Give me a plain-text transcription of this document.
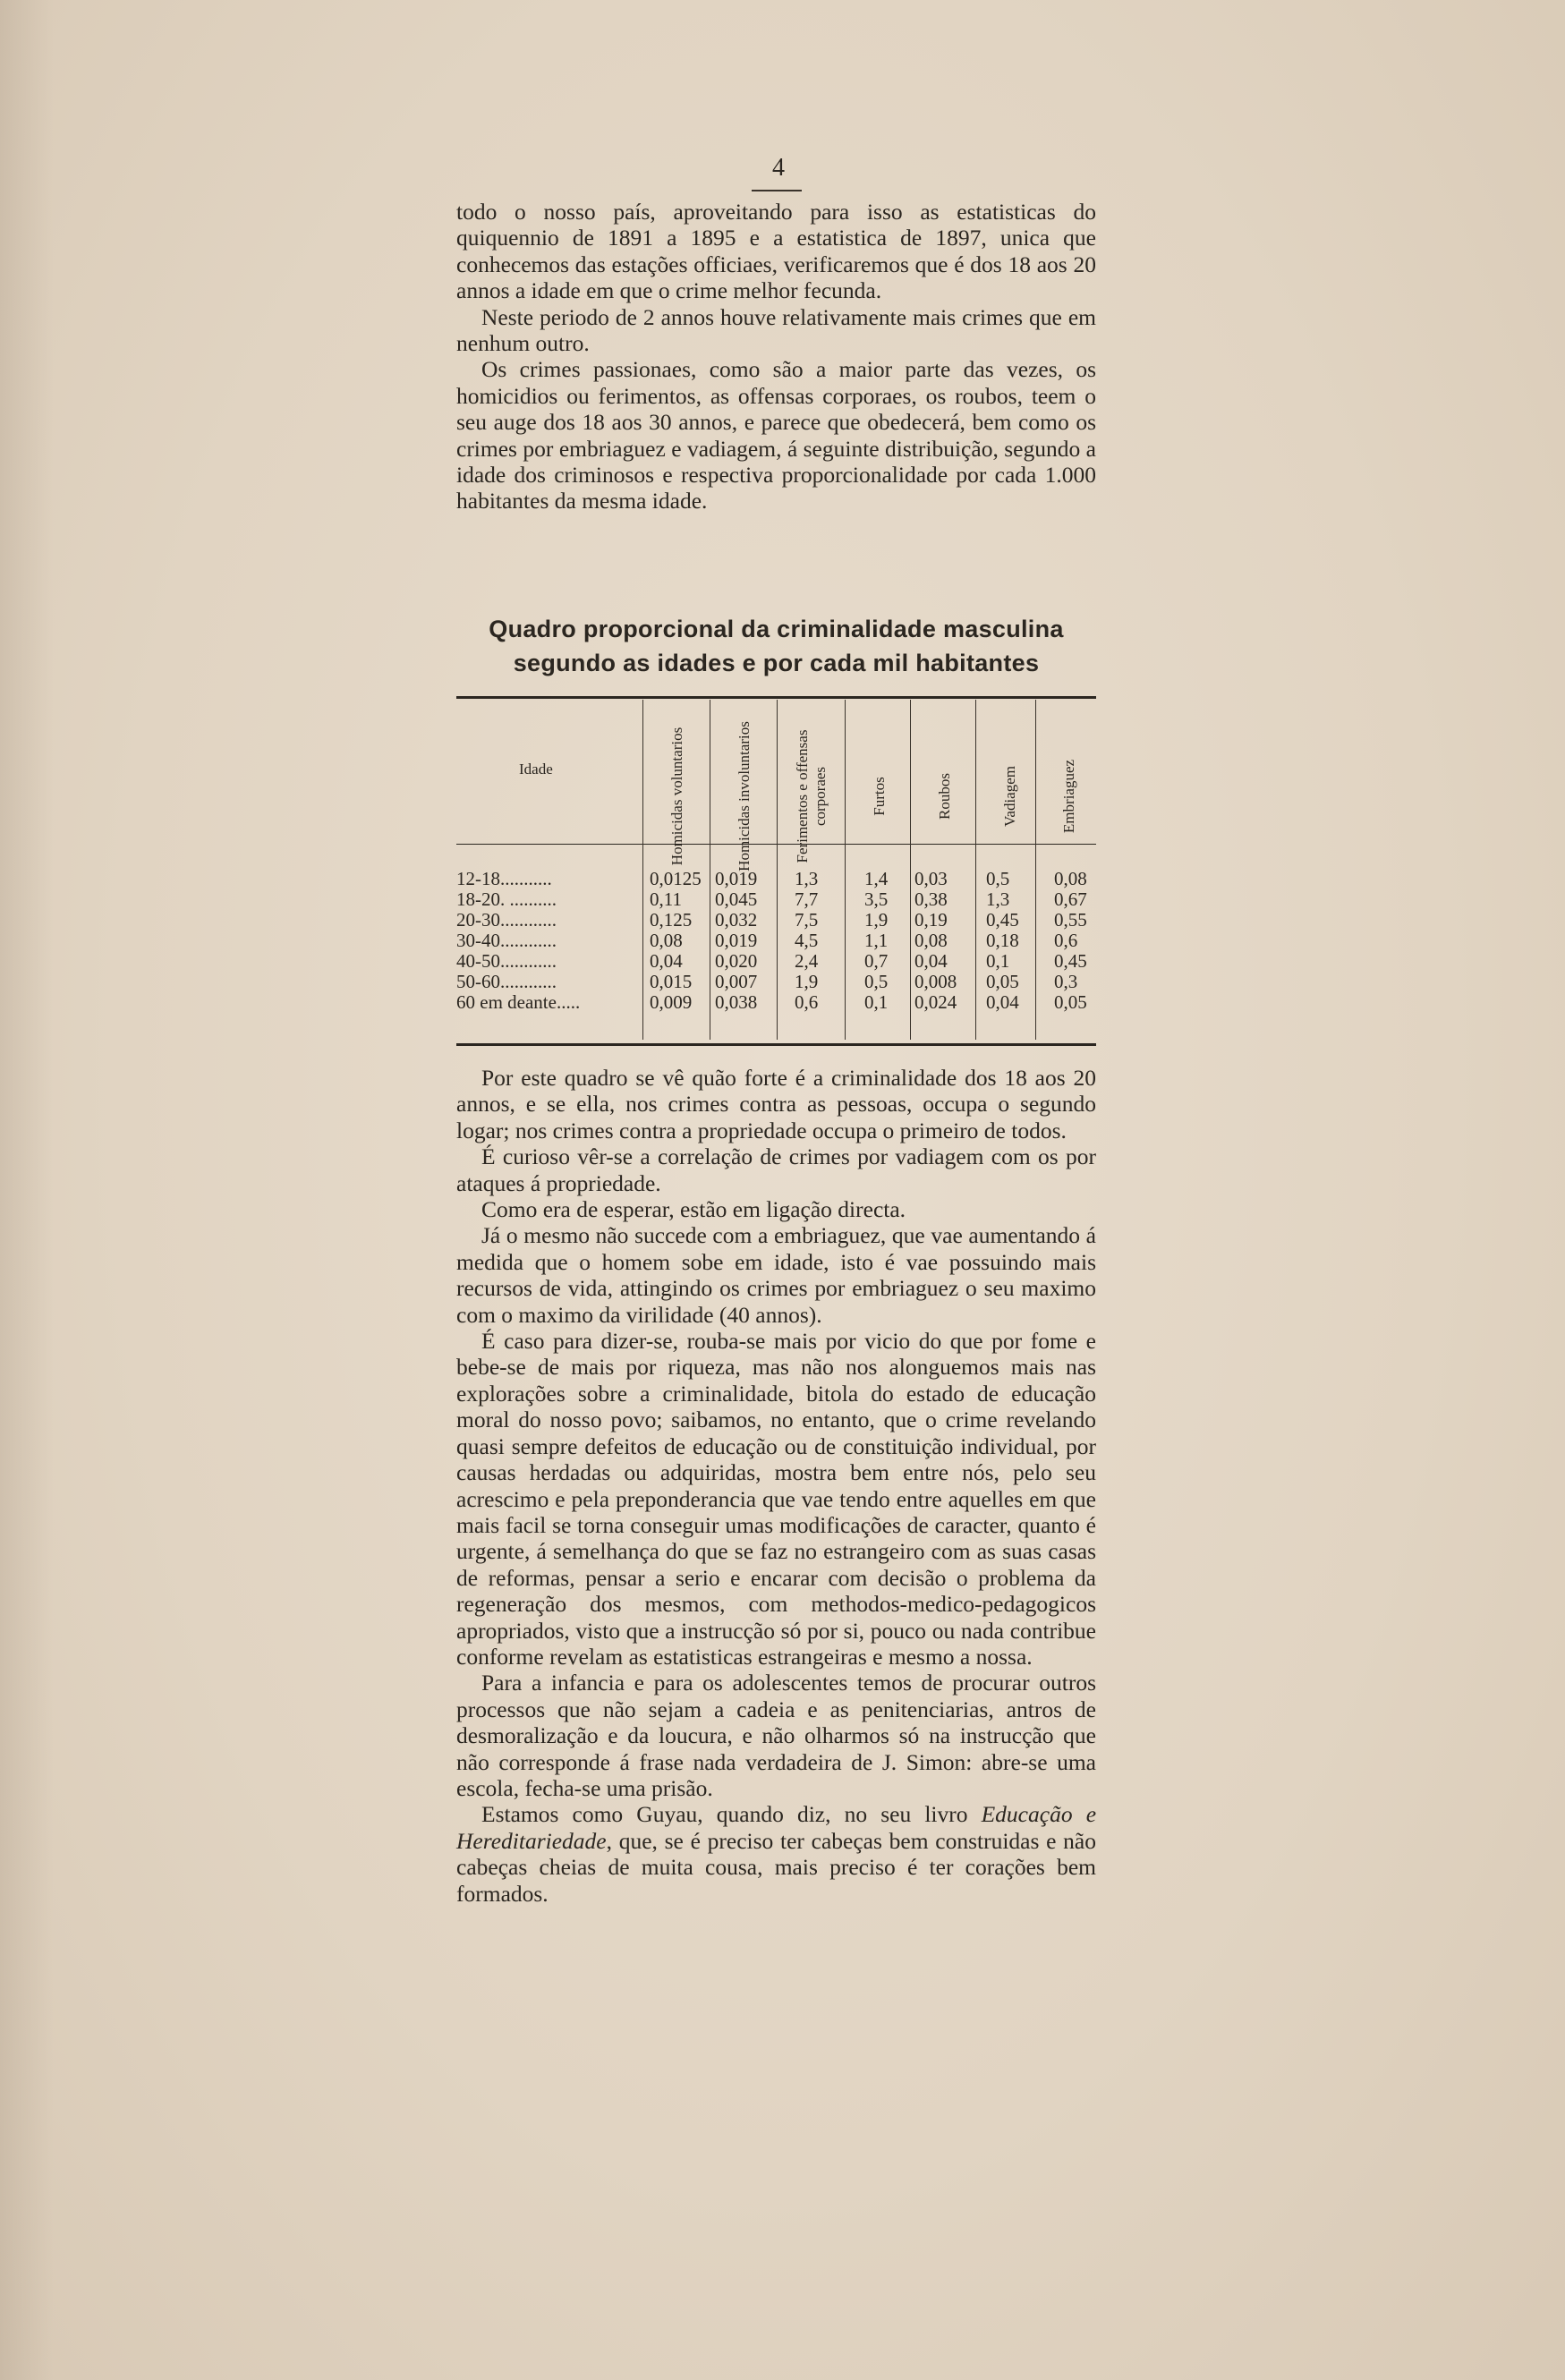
4

todo o nosso país, aproveitando para isso as estatisticas do quiquennio de 1891 a 1895 e a estatistica de 1897, unica que conhecemos das estações officiaes, verificaremos que é dos 18 aos 20 annos a idade em que o crime melhor fecunda.

Neste periodo de 2 annos houve relativamente mais crimes que em nenhum outro.

Os crimes passionaes, como são a maior parte das vezes, os homicidios ou ferimentos, as offensas corporaes, os roubos, teem o seu auge dos 18 aos 30 annos, e parece que obedecerá, bem como os crimes por embriaguez e vadiagem, á seguinte distribuição, segundo a idade dos criminosos e respectiva proporcionalidade por cada 1.000 habitantes da mesma idade.

Quadro proporcional da criminalidade masculina
segundo as idades e por cada mil habitantes
Idade	Homicidas voluntarios	Homicidas involuntarios	Ferimentos e offensas corporaes	Furtos	Roubos	Vadiagem	Embriaguez
12-18...........	0,0125 0,019 1,3 1,4 0,03 0,5 0,08
18-20. ..........	0,11 0,045 7,7 3,5 0,38 1,3 0,67
20-30............	0,125 0,032 7,5 1,9 0,19 0,45 0,55
30-40............	0,08 0,019 4,5 1,1 0,08 0,18 0,6
40-50............	0,04 0,020 2,4 0,7 0,04 0,1 0,45
50-60............	0,015 0,007 1,9 0,5 0,008 0,05 0,3
60 em deante.....	0,009 0,038 0,6 0,1 0,024 0,04 0,05

Por este quadro se vê quão forte é a criminalidade dos 18 aos 20 annos, e se ella, nos crimes contra as pessoas, occupa o segundo logar; nos crimes contra a propriedade occupa o primeiro de todos.

É curioso vêr-se a correlação de crimes por vadiagem com os por ataques á propriedade.

Como era de esperar, estão em ligação directa.

Já o mesmo não succede com a embriaguez, que vae aumentando á medida que o homem sobe em idade, isto é vae possuindo mais recursos de vida, attingindo os crimes por embriaguez o seu maximo com o maximo da virilidade (40 annos).

É caso para dizer-se, rouba-se mais por vicio do que por fome e bebe-se de mais por riqueza, mas não nos alonguemos mais nas explorações sobre a criminalidade, bitola do estado de educação moral do nosso povo; saibamos, no entanto, que o crime revelando quasi sempre defeitos de educação ou de constituição individual, por causas herdadas ou adquiridas, mostra bem entre nós, pelo seu acrescimo e pela preponderancia que vae tendo entre aquelles em que mais facil se torna conseguir umas modificações de caracter, quanto é urgente, á semelhança do que se faz no estrangeiro com as suas casas de reformas, pensar a serio e encarar com decisão o problema da regeneração dos mesmos, com methodos-medico-pedagogicos apropriados, visto que a instrucção só por si, pouco ou nada contribue conforme revelam as estatisticas estrangeiras e mesmo a nossa.

Para a infancia e para os adolescentes temos de procurar outros processos que não sejam a cadeia e as penitenciarias, antros de desmoralização e da loucura, e não olharmos só na instrucção que não corresponde á frase nada verdadeira de J. Simon: abre-se uma escola, fecha-se uma prisão.

Estamos como Guyau, quando diz, no seu livro Educação e Hereditariedade, que, se é preciso ter cabeças bem construidas e não cabeças cheias de muita cousa, mais preciso é ter corações bem formados.
